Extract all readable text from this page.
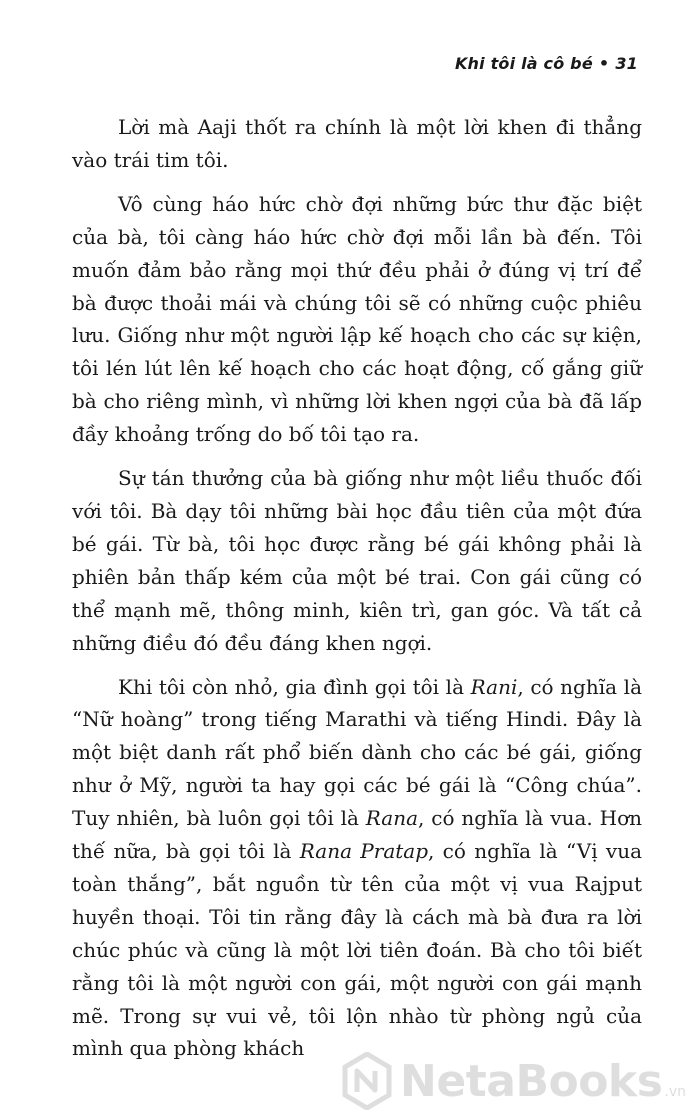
Khi tôi là cô bé • 31

Lời mà Aaji thốt ra chính là một lời khen đi thẳng vào trái tim tôi.

Vô cùng háo hức chờ đợi những bức thư đặc biệt của bà, tôi càng háo hức chờ đợi mỗi lần bà đến. Tôi muốn đảm bảo rằng mọi thứ đều phải ở đúng vị trí để bà được thoải mái và chúng tôi sẽ có những cuộc phiêu lưu. Giống như một người lập kế hoạch cho các sự kiện, tôi lén lút lên kế hoạch cho các hoạt động, cố gắng giữ bà cho riêng mình, vì những lời khen ngợi của bà đã lấp đầy khoảng trống do bố tôi tạo ra.

Sự tán thưởng của bà giống như một liều thuốc đối với tôi. Bà dạy tôi những bài học đầu tiên của một đứa bé gái. Từ bà, tôi học được rằng bé gái không phải là phiên bản thấp kém của một bé trai. Con gái cũng có thể mạnh mẽ, thông minh, kiên trì, gan góc. Và tất cả những điều đó đều đáng khen ngợi.

Khi tôi còn nhỏ, gia đình gọi tôi là Rani, có nghĩa là “Nữ hoàng” trong tiếng Marathi và tiếng Hindi. Đây là một biệt danh rất phổ biến dành cho các bé gái, giống như ở Mỹ, người ta hay gọi các bé gái là “Công chúa”. Tuy nhiên, bà luôn gọi tôi là Rana, có nghĩa là vua. Hơn thế nữa, bà gọi tôi là Rana Pratap, có nghĩa là “Vị vua toàn thắng”, bắt nguồn từ tên của một vị vua Rajput huyền thoại. Tôi tin rằng đây là cách mà bà đưa ra lời chúc phúc và cũng là một lời tiên đoán. Bà cho tôi biết rằng tôi là một người con gái, một người con gái mạnh mẽ. Trong sự vui vẻ, tôi lộn nhào từ phòng ngủ của mình qua phòng khách

NetaBooks .vn
